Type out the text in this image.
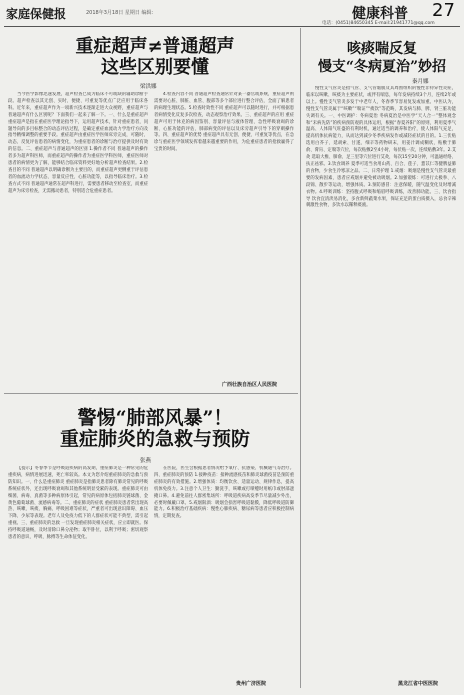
家庭保健报	2018年3月18日 星期日 编辑：	健康科普 27
电话：(0451)84650345 E-mail:21941771@qq.com
重症超声≠普通超声
这些区别要懂
梁洪娜

当今医学影像迅速发展，超声检查已成为临床不可或缺的辅助诊断手段。超声检查以其无创、实时、便捷、可重复等优点广泛应用于临床各科。近年来，重症超声作为一项新兴技术逐渐走进大众视野，重症超声与普通超声有什么区别呢？下面我们一起来了解一下。一、什么是重症超声 重症超声是指在重症医学理论指导下，运用超声技术，针对重症患者，问题导向的多目标整合的动态评估过程，是确定重症血流动力学治疗方向及指导精细调整的重要手段。重症超声由重症医学医师床旁完成，可随时、动态、反复评估患者的病情变化，为重症患者的诊断与治疗提供及时有效的信息。二、重症超声与普通超声的区别 1.操作者不同 普通超声的操作者多为超声科医师，而重症超声的操作者为重症医学科医师，重症医师对患者的病情更为了解，能够结合临床资料更好地分析超声检查结果。2.检查目的不同 普通超声以明确诊断为主要目的，而重症超声更侧重于评估患者的血流动力学状态、容量反应性、心脏功能等，以指导临床治疗。3.检查方式不同 普通超声通常在超声科进行，需要患者移动至检查室，而重症超声为床旁检查，无需搬动患者，特别适合危重症患者。

4.检查内容不同 普通超声检查通常针对某一器官或系统，重症超声则需要对心脏、肺脏、血管、腹部等多个部位进行整合评估，全面了解患者的病理生理状态。5.检查时效性不同 重症超声可以随时进行，并可根据患者病情变化反复多次检查，动态观察治疗效果。三、重症超声的应用 重症超声可用于休克的病因鉴别、容量评估与液体管理、急性呼吸衰竭的诊断、心脏功能的评估、肺部病变的评估以及床旁超声引导下的穿刺操作等。四、重症超声的优势 重症超声具有无创、便捷、可重复等优点，在急诊与重症医学领域发挥着越来越重要的作用，为危重症患者的抢救赢得了宝贵的时间。

广西壮族自治区人民医院
警惕“肺部风暴”！
重症肺炎的急救与预防
张燕

【提示】冬春季节是呼吸道疾病的高发期，重症肺炎是一种常见的危重疾病，病情进展迅速，死亡率较高。本文为您介绍重症肺炎的急救与预防知识。一、什么是重症肺炎 重症肺炎是指肺炎患者除有肺炎常见的呼吸系统症状外，还出现呼吸衰竭和其他系统明显受累的表现。重症肺炎可由细菌、病毒、真菌等多种病原体引起，常见的病原体包括肺炎链球菌、金黄色葡萄球菌、流感病毒等。二、重症肺炎的症状 重症肺炎患者常出现高热、咳嗽、咳痰、胸痛、呼吸困难等症状，严重者可出现意识障碍、血压下降、少尿等表现。老年人及免疫力低下的人群症状可能不典型，需引起重视。三、重症肺炎的急救 一旦发现重症肺炎相关症状，应立即就医。保持呼吸道通畅，及时清除口鼻分泌物；取半卧位，以利于呼吸；密切观察患者的意识、呼吸、脉搏等生命体征变化。

在医院，医生会根据患者情况给予氧疗、抗感染、机械通气等治疗。四、重症肺炎的预防 1.接种疫苗：接种流感疫苗和肺炎球菌疫苗是预防重症肺炎的有效措施。2.增强体质：均衡饮食、适量运动、规律作息，提高机体免疫力。3.注意个人卫生：勤洗手，咳嗽或打喷嚏时用纸巾或肘部遮掩口鼻。4.避免前往人群密集场所：呼吸道疾病高发季节尽量减少外出，必要时佩戴口罩。5.戒烟限酒：吸烟会损害呼吸道黏膜，降低呼吸道防御能力。6.积极治疗基础疾病：慢性心肺疾病、糖尿病等患者应积极控制病情，定期复查。

贵州广济医院
咳痰喘反复
慢支“冬病夏治”妙招
秦月娜

慢性支气管炎是指气管、支气管黏膜及其周围组织的慢性非特异性炎症，临床以咳嗽、咳痰为主要症状，或伴有喘息，每年发病持续3个月，连续2年或以上。慢性支气管炎多发于中老年人，冬春季节容易复发或加重。中医认为，慢性支气管炎属于“咳嗽”“喘证”“痰饮”等范畴，其发病与肺、脾、肾三脏功能失调有关。一、中医调护：冬病夏治 冬病夏治是中医学“天人合一”整体观念和“未病先防”的疾病预防观的具体运用，根据“春夏养阳”的原则，利用夏季气温高、人体阳气旺盛的有利时机，通过适当的调养和治疗，使人体阳气充足，提高机体抗病能力，从而达到减少冬季疾病发作或减轻症状的目的。1.三伏贴 选用白芥子、延胡索、甘遂、细辛等药物研末，用姜汁调成糊状，贴敷于肺俞、膏肓、定喘等穴位，每次贴敷2至4小时，每伏贴一次，连续贴敷3年。2.艾灸 选取大椎、肺俞、足三里等穴位进行艾灸，每次15至20分钟，可温通经络、扶正祛邪。3.饮食调养 夏季可适当食用山药、百合、莲子、薏苡仁等健脾益肺的食物，少食生冷寒凉之品。二、日常护理 1.戒烟：吸烟是慢性支气管炎最重要的发病因素，患者应戒烟并避免被动吸烟。2.加强锻炼：可进行太极拳、八段锦、散步等运动，增强体质。3.预防感冒：注意保暖，随气温变化及时增减衣物。4.呼吸训练：坚持腹式呼吸和缩唇呼吸训练，改善肺功能。三、饮食指导 饮食宜清淡易消化，多食新鲜蔬菜水果，保证充足的蛋白质摄入，忌食辛辣刺激性食物，多饮水以稀释痰液。

黑龙江省中医医院
